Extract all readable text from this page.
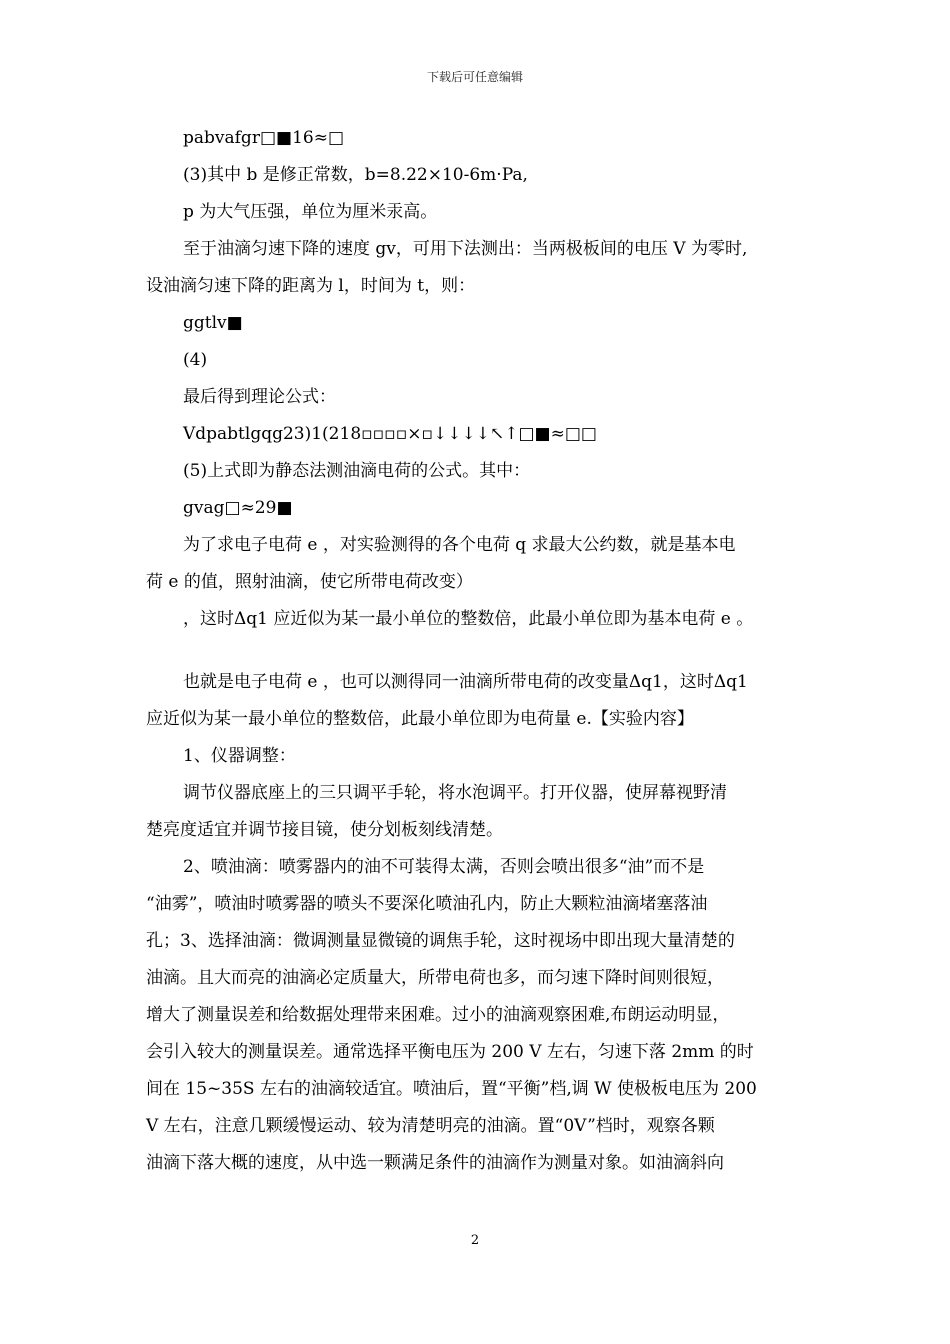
下载后可任意编辑
pabvafgr□■16≈□
(3)其中 b 是修正常数，b=8.22×10-6m·Pa,
p 为大气压强，单位为厘米汞高。
至于油滴匀速下降的速度 gv，可用下法测出：当两极板间的电压 V 为零时,
设油滴匀速下降的距离为 l，时间为 t，则：
ggtlv■
(4)
最后得到理论公式：
Vdpabtlgqg23)1(218▫▫▫▫×▫↓↓↓↓↖↑□■≈□□
(5)上式即为静态法测油滴电荷的公式。其中：
gvag□≈29■
为了求电子电荷 e ，对实验测得的各个电荷 q 求最大公约数，就是基本电
荷 e 的值，照射油滴，使它所带电荷改变）
，这时Δq1 应近似为某一最小单位的整数倍，此最小单位即为基本电荷 e 。
也就是电子电荷 e ，也可以测得同一油滴所带电荷的改变量Δq1，这时Δq1
应近似为某一最小单位的整数倍，此最小单位即为电荷量 e.【实验内容】
1、仪器调整：
调节仪器底座上的三只调平手轮，将水泡调平。打开仪器，使屏幕视野清
楚亮度适宜并调节接目镜，使分划板刻线清楚。
2、喷油滴：喷雾器内的油不可装得太满，否则会喷出很多“油”而不是
“油雾”，喷油时喷雾器的喷头不要深化喷油孔内，防止大颗粒油滴堵塞落油
孔；3、选择油滴：微调测量显微镜的调焦手轮，这时视场中即出现大量清楚的
油滴。且大而亮的油滴必定质量大，所带电荷也多，而匀速下降时间则很短，
增大了测量误差和给数据处理带来困难。过小的油滴观察困难,布朗运动明显，
会引入较大的测量误差。通常选择平衡电压为 200 V 左右，匀速下落 2mm 的时
间在 15~35S 左右的油滴较适宜。喷油后，置“平衡”档,调 W 使极板电压为 200
V 左右，注意几颗缓慢运动、较为清楚明亮的油滴。置“0V”档时，观察各颗
油滴下落大概的速度，从中选一颗满足条件的油滴作为测量对象。如油滴斜向
2
